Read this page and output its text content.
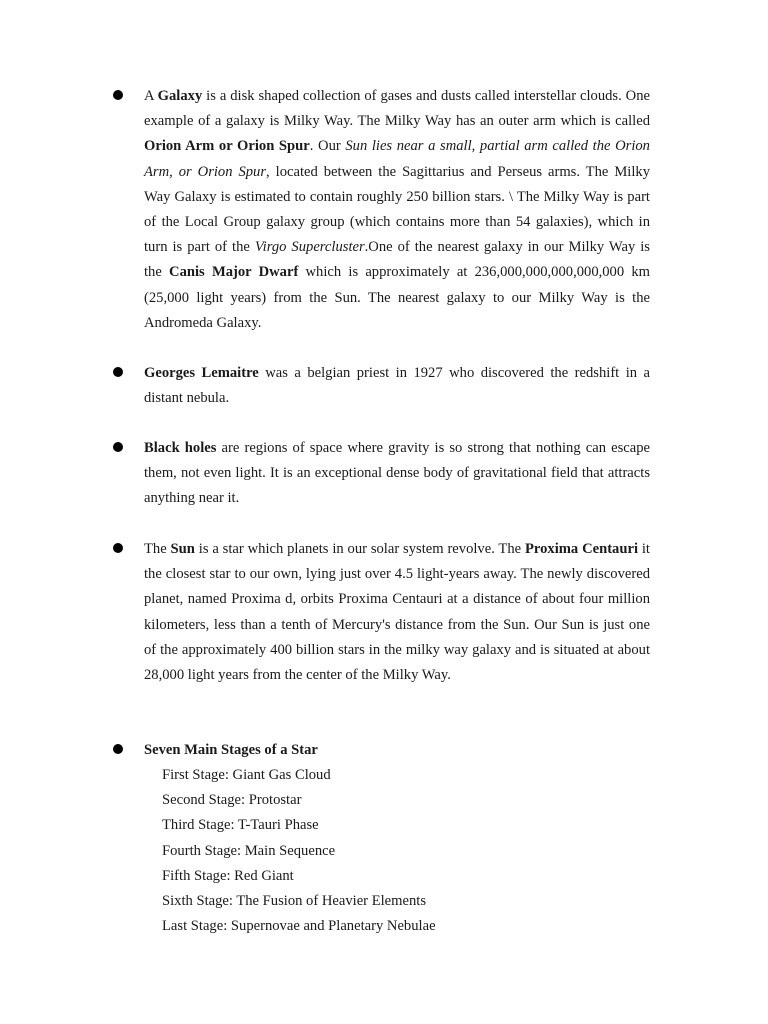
A Galaxy is a disk shaped collection of gases and dusts called interstellar clouds. One example of a galaxy is Milky Way. The Milky Way has an outer arm which is called Orion Arm or Orion Spur. Our Sun lies near a small, partial arm called the Orion Arm, or Orion Spur, located between the Sagittarius and Perseus arms. The Milky Way Galaxy is estimated to contain roughly 250 billion stars. \ The Milky Way is part of the Local Group galaxy group (which contains more than 54 galaxies), which in turn is part of the Virgo Supercluster.One of the nearest galaxy in our Milky Way is the Canis Major Dwarf which is approximately at 236,000,000,000,000,000 km (25,000 light years) from the Sun. The nearest galaxy to our Milky Way is the Andromeda Galaxy.

Georges Lemaitre was a belgian priest in 1927 who discovered the redshift in a distant nebula.

Black holes are regions of space where gravity is so strong that nothing can escape them, not even light. It is an exceptional dense body of gravitational field that attracts anything near it.

The Sun is a star which planets in our solar system revolve. The Proxima Centauri it the closest star to our own, lying just over 4.5 light-years away. The newly discovered planet, named Proxima d, orbits Proxima Centauri at a distance of about four million kilometers, less than a tenth of Mercury's distance from the Sun. Our Sun is just one of the approximately 400 billion stars in the milky way galaxy and is situated at about 28,000 light years from the center of the Milky Way.

Seven Main Stages of a Star

First Stage: Giant Gas Cloud
Second Stage: Protostar
Third Stage: T-Tauri Phase
Fourth Stage: Main Sequence
Fifth Stage: Red Giant
Sixth Stage: The Fusion of Heavier Elements
Last Stage: Supernovae and Planetary Nebulae
